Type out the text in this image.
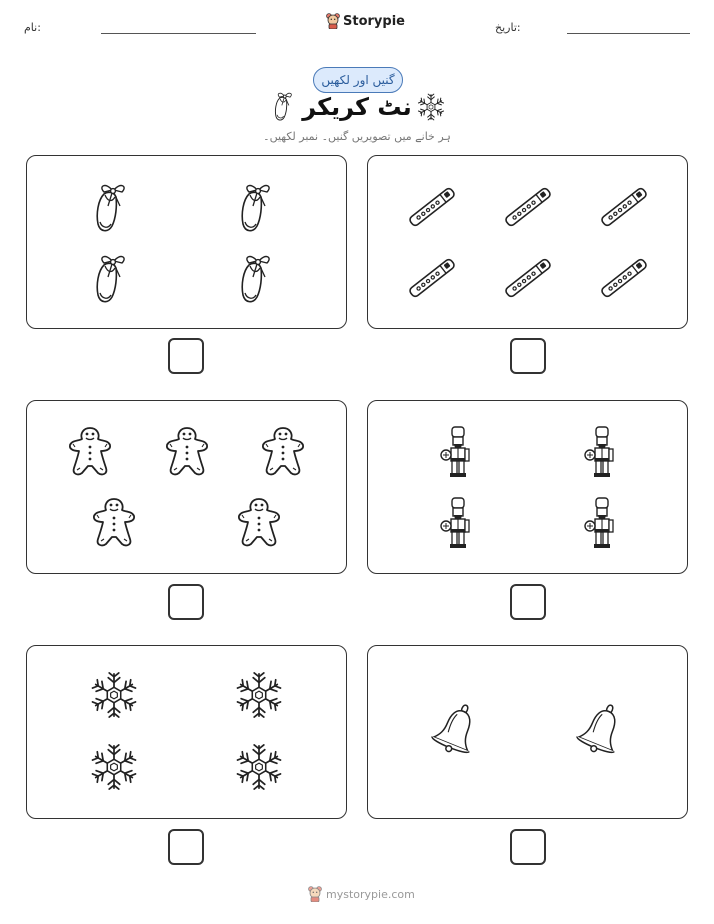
نام:	Storypie	تاریخ:
گنیں اور لکھیں
نٹ کریکر
ہر خانے میں تصویریں گنیں۔ نمبر لکھیں۔
mystorypie.com
